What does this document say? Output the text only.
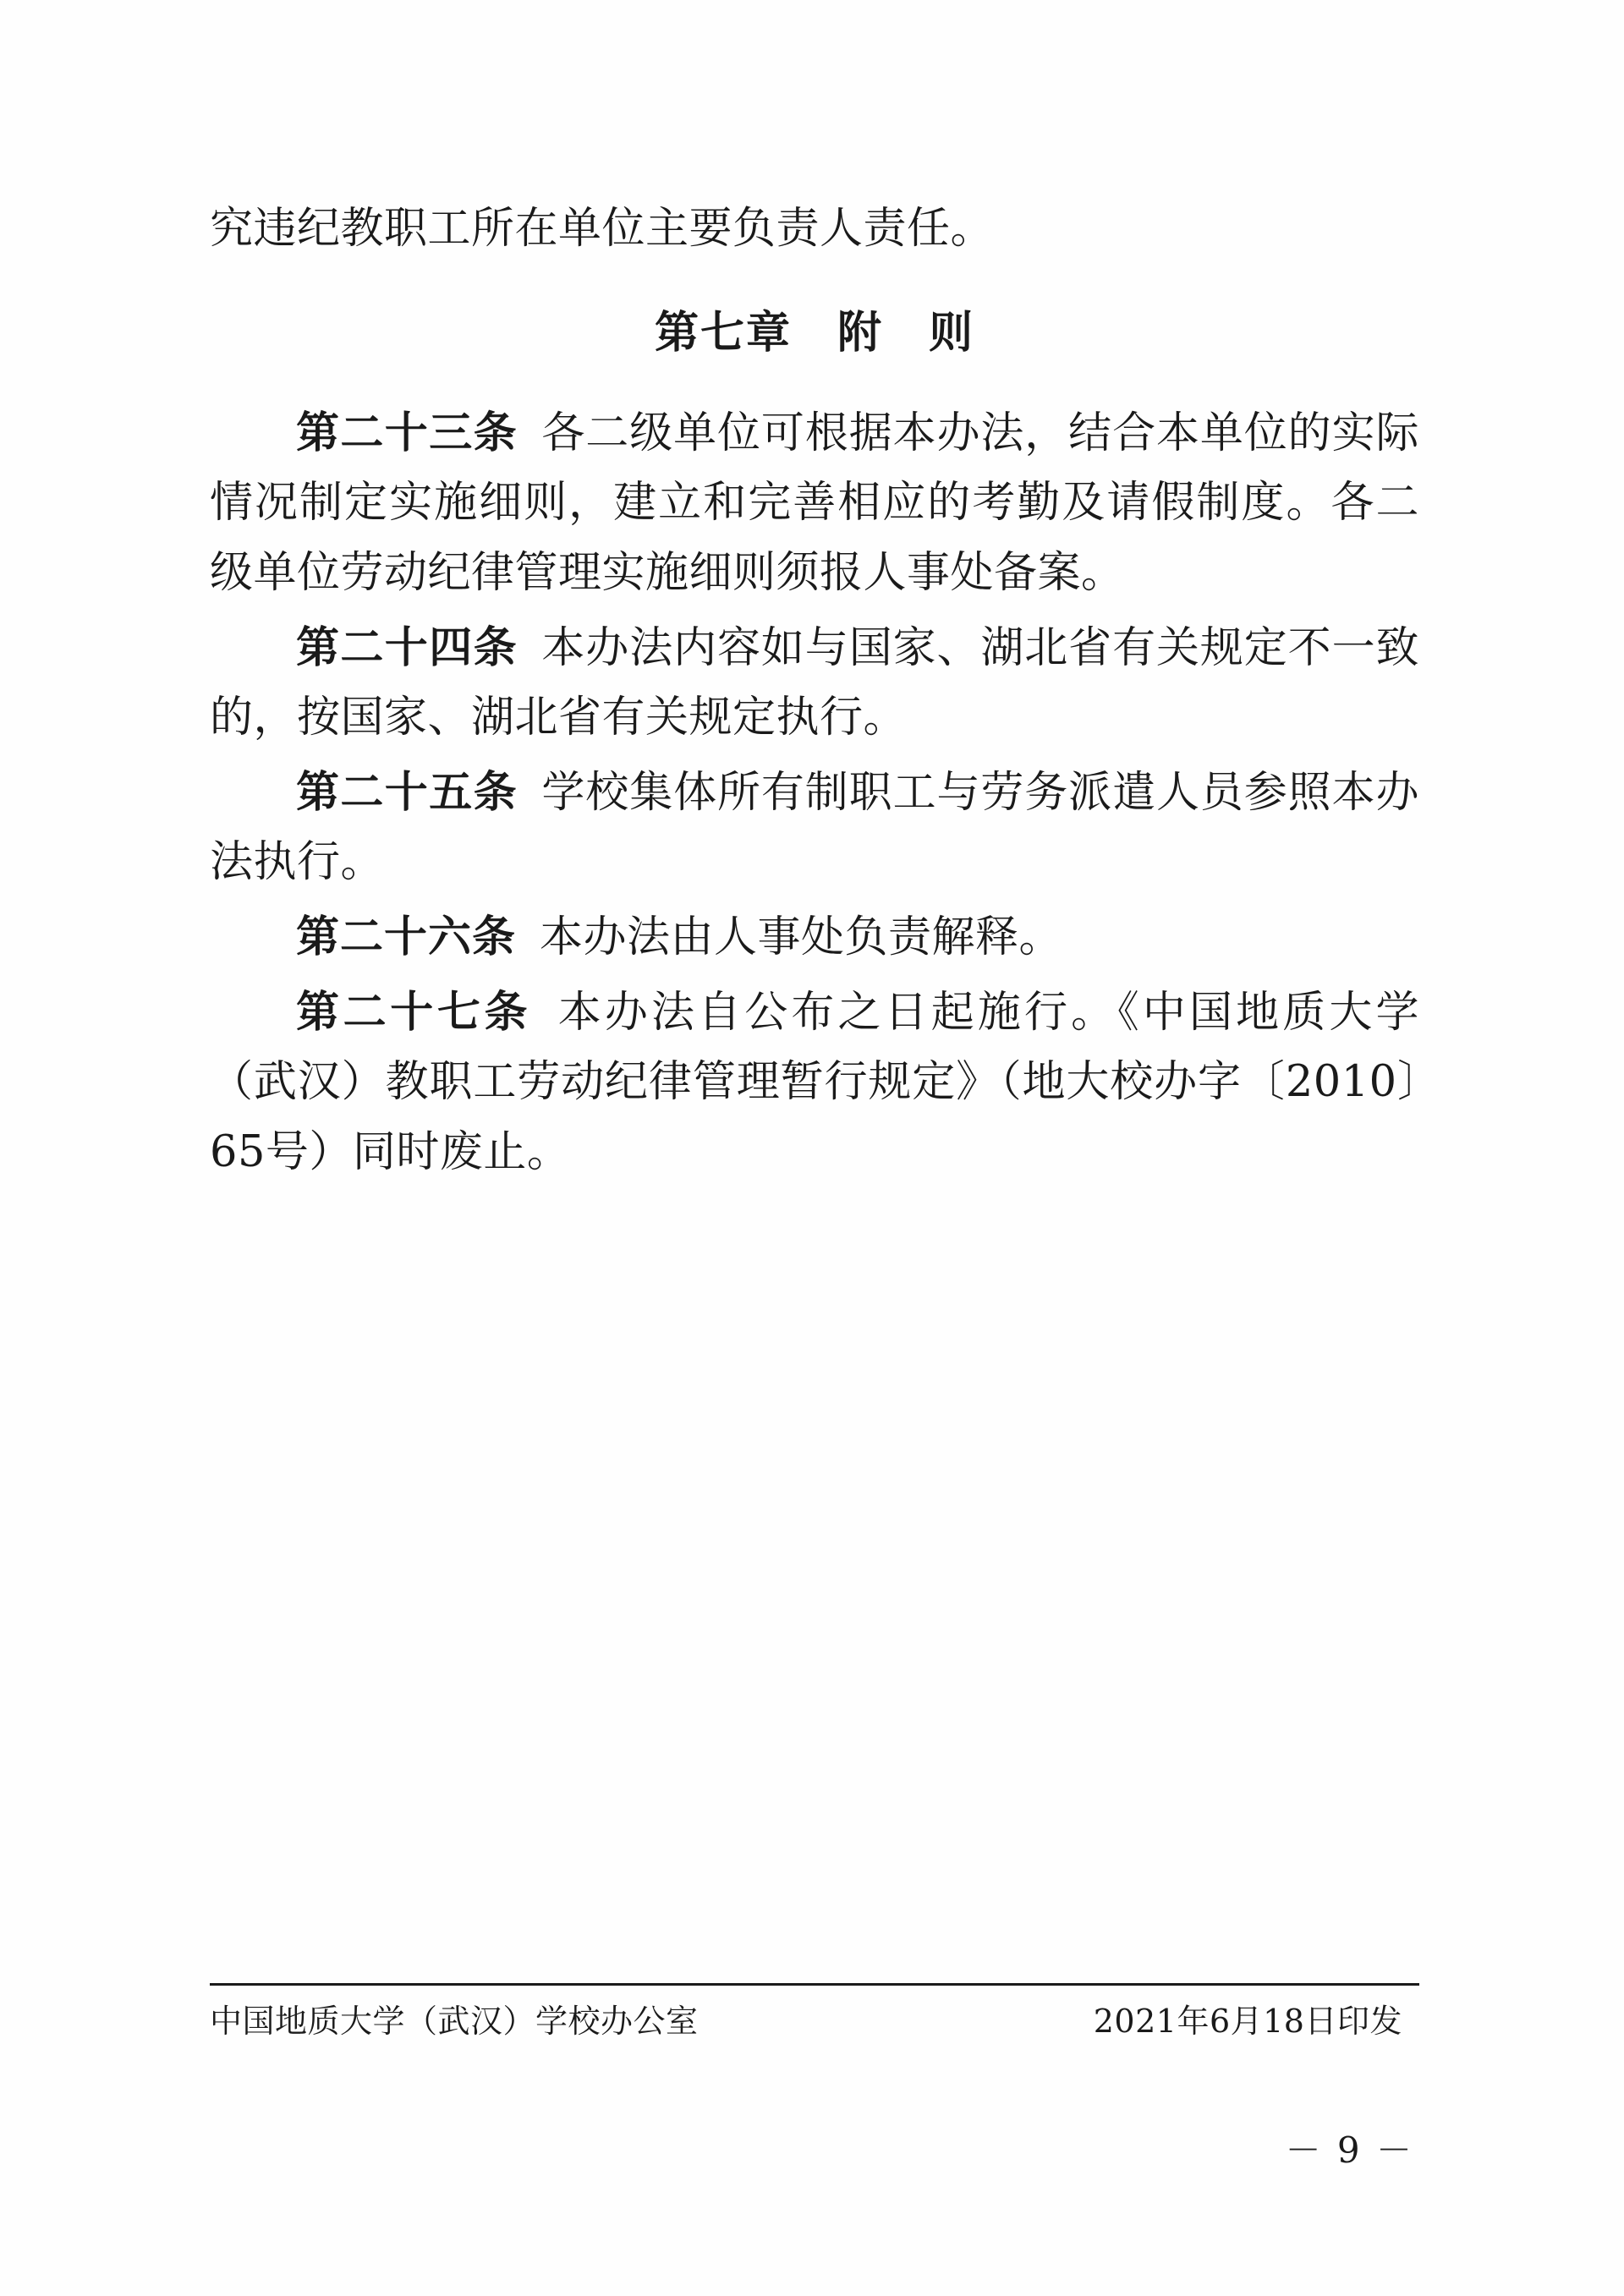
究违纪教职工所在单位主要负责人责任。

第七章　附　则

第二十三条 各二级单位可根据本办法，结合本单位的实际情况制定实施细则，建立和完善相应的考勤及请假制度。各二级单位劳动纪律管理实施细则须报人事处备案。

第二十四条 本办法内容如与国家、湖北省有关规定不一致的，按国家、湖北省有关规定执行。

第二十五条 学校集体所有制职工与劳务派遣人员参照本办法执行。

第二十六条 本办法由人事处负责解释。

第二十七条 本办法自公布之日起施行。《中国地质大学（武汉）教职工劳动纪律管理暂行规定》（地大校办字〔2010〕65号）同时废止。

中国地质大学（武汉）学校办公室	2021年6月18日印发
－ 9 －
